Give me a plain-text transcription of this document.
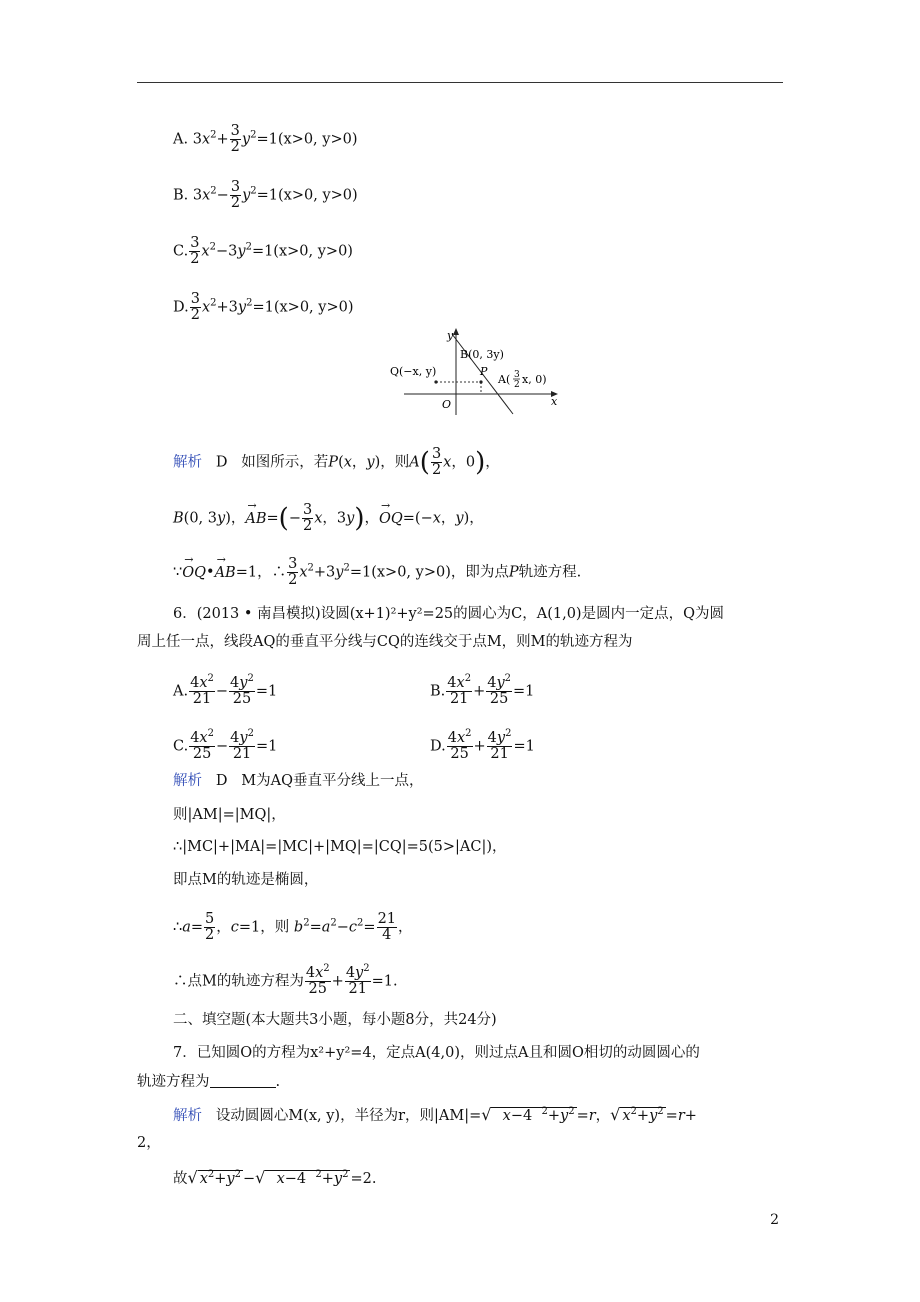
A. $3x^2+ \frac{3}{2} y^2=1(x>0$, y>0)
B. $3x^2- \frac{3}{2} y^2=1(x>0$, y>0)
C. $\frac{3}{2} x^2-3y^2=1(x>0$, y>0)
D. $\frac{3}{2} x^2+3y^2=1(x>0$, y>0)
y
x
O
B(0, 3y)
Q(−x, y)	P
A( 3
2 x, 0)
解析 D 如图所示，若P(x，y)，则$A( \frac{3}{2}$ x，0)，
B(0, 3y)，→ $AB=(- \frac{3}{2}$ x，3y)，→ OQ=(−x，y)，
∵→ OQ•→ AB=1，∴ $\frac{3}{2} x^2+3y^2=1(x>0$, y>0)，即为点P轨迹方程.
6．(2013 • 南昌模拟)设圆(x+1)²+y²=25的圆心为C，A(1,0)是圆内一定点，Q为圆
周上任一点，线段AQ的垂直平分线与CQ的连线交于点M，则M的轨迹方程为
A. $\frac{4x^2}{21} - \frac{4y^2}{25} =1$	B. $\frac{4x^2}{21} + \frac{4y^2}{25} =1$
C. $\frac{4x^2}{25} - \frac{4y^2}{21} =1$	D. $\frac{4x^2}{25} + \frac{4y^2}{21} =1$
解析 D M为AQ垂直平分线上一点，
则|AM|=|MQ|，
∴|MC|+|MA|=|MC|+|MQ|=|CQ|=5(5>|AC|)，
即点M的轨迹是椭圆，
∴a= $\frac{5}{2}$ ，c=1，则 $b^2=a^2-c^2= \frac{21}{4}$ ，
∴点M的轨迹方程为 $\frac{4x^2}{25} + \frac{4y^2}{21} =1$.
二、填空题(本大题共3小题，每小题8分，共24分)
7．已知圆O的方程为x²+y²=4，定点A(4,0)，则过点A且和圆O相切的动圆圆心的
轨迹方程为	.
解析 设动圆圆心M(x, y)，半径为r，则|AM|=√ x−4  $^2+y^2 =r$，√ $x^2+y^2 =r+$
2，
故√ $x^2+y^2$ −√ x−4  $^2+y^2 =2$.
2
